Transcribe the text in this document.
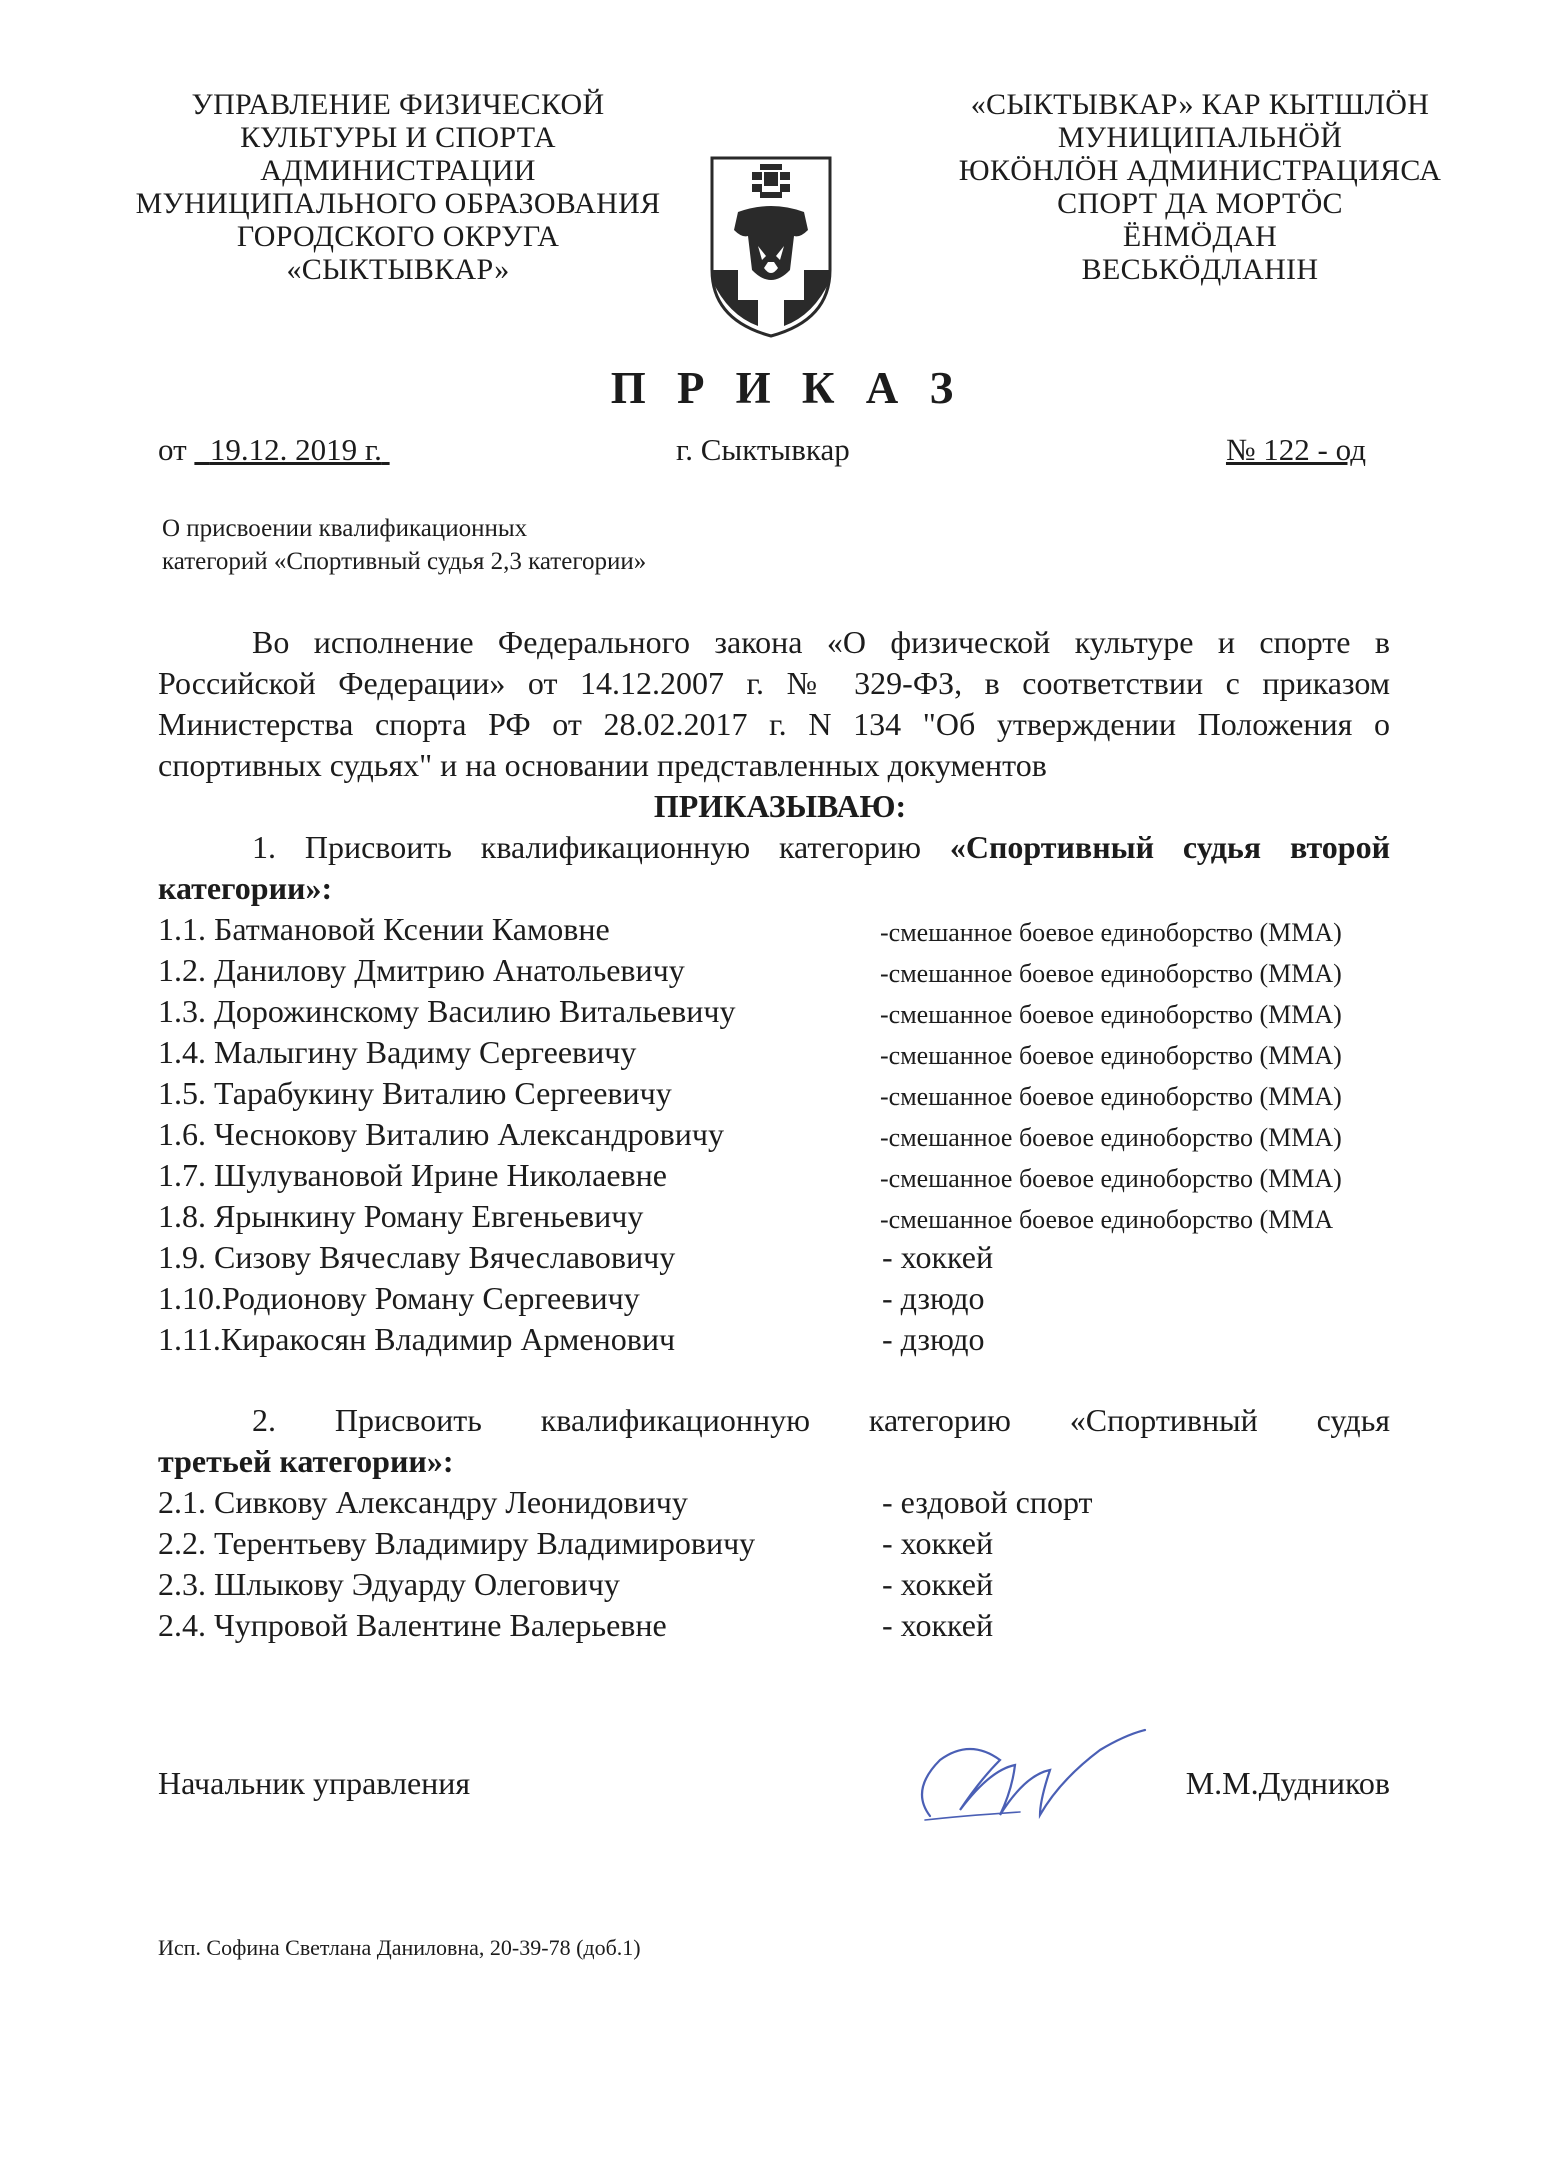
УПРАВЛЕНИЕ ФИЗИЧЕСКОЙ
КУЛЬТУРЫ И СПОРТА
АДМИНИСТРАЦИИ
МУНИЦИПАЛЬНОГО ОБРАЗОВАНИЯ
ГОРОДСКОГО ОКРУГА
«СЫКТЫВКАР»
«СЫКТЫВКАР» КАР КЫТШЛÖН
МУНИЦИПАЛЬНÖЙ
ЮКÖНЛÖН АДМИНИСТРАЦИЯСА
СПОРТ ДА МОРТÖС
ЁНМÖДАН
ВЕСЬКÖДЛАНІН
П Р И К А З
от 19.12. 2019 г.	г. Сыктывкар	№ 122 - од
О присвоении квалификационных
категорий «Спортивный судья 2,3 категории»

Во исполнение Федерального закона «О физической культуре и спорте в Российской Федерации» от 14.12.2007 г. № 329-ФЗ, в соответствии с приказом Министерства спорта РФ от 28.02.2017 г. N 134 "Об утверждении Положения о спортивных судьях" и на основании представленных документов

ПРИКАЗЫВАЮ:

1. Присвоить квалификационную категорию «Спортивный судья второй категории»:

1.1. Батмановой Ксении Камовне	-смешанное боевое единоборство (ММА)
1.2. Данилову Дмитрию Анатольевичу	-смешанное боевое единоборство (ММА)
1.3. Дорожинскому Василию Витальевичу	-смешанное боевое единоборство (ММА)
1.4. Малыгину Вадиму Сергеевичу	-смешанное боевое единоборство (ММА)
1.5. Тарабукину Виталию Сергеевичу	-смешанное боевое единоборство (ММА)
1.6. Чеснокову Виталию Александровичу	-смешанное боевое единоборство (ММА)
1.7. Шулувановой Ирине Николаевне	-смешанное боевое единоборство (ММА)
1.8. Ярынкину Роману Евгеньевичу	-смешанное боевое единоборство (ММА
1.9. Сизову Вячеславу Вячеславовичу	- хоккей
1.10.Родионову Роману Сергеевичу	- дзюдо
1.11.Киракосян Владимир Арменович	- дзюдо

2. Присвоить квалификационную категорию «Спортивный судья

третьей категории»:

2.1. Сивкову Александру Леонидовичу	- ездовой спорт
2.2. Терентьеву Владимиру Владимировичу	- хоккей
2.3. Шлыкову Эдуарду Олеговичу	- хоккей
2.4. Чупровой Валентине Валерьевне	- хоккей
Начальник управления	М.М.Дудников
Исп. Софина Светлана Даниловна, 20-39-78 (доб.1)
